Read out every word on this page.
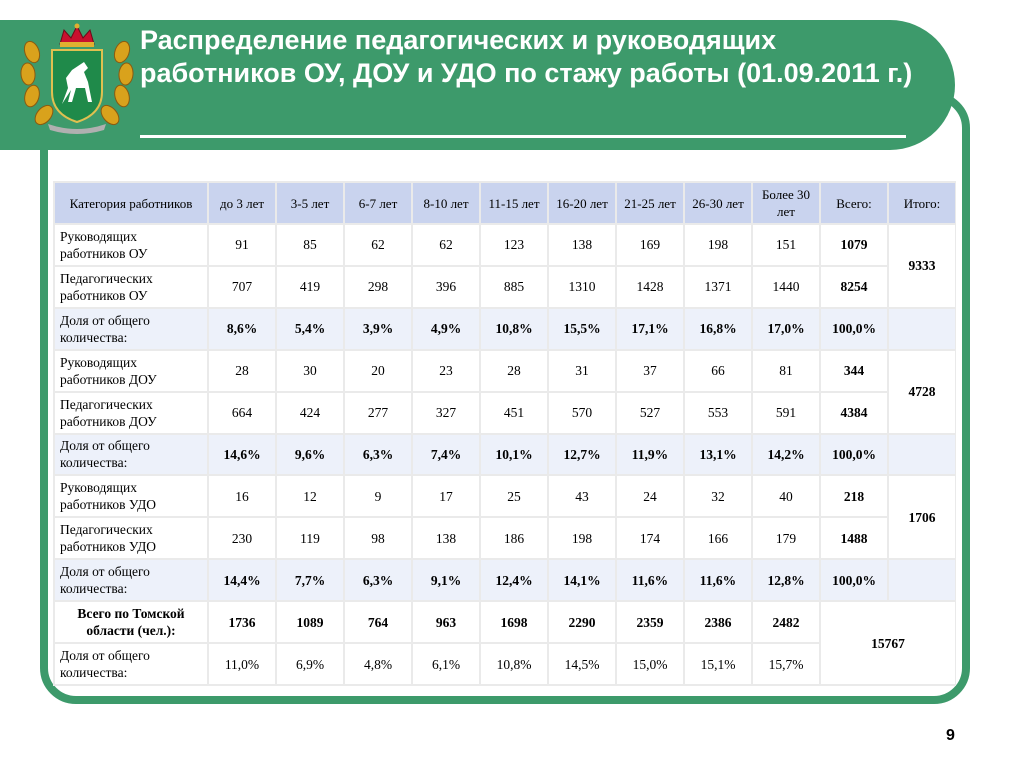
Распределение педагогических и руководящих работников ОУ, ДОУ и УДО по стажу работы (01.09.2011 г.)
Категория работников	до 3 лет	3-5 лет	6-7 лет	8-10 лет	11-15 лет	16-20 лет	21-25 лет	26-30 лет	Более 30 лет	Всего:	Итого:
Руководящих работников ОУ	91	85	62	62	123	138	169	198	151	1079	9333
Педагогических работников ОУ	707	419	298	396	885	1310	1428	1371	1440	8254	
Доля от общего количества:	8,6%	5,4%	3,9%	4,9%	10,8%	15,5%	17,1%	16,8%	17,0%	100,0%	
Руководящих работников ДОУ	28	30	20	23	28	31	37	66	81	344	4728
Педагогических работников ДОУ	664	424	277	327	451	570	527	553	591	4384	
Доля от общего количества:	14,6%	9,6%	6,3%	7,4%	10,1%	12,7%	11,9%	13,1%	14,2%	100,0%	
Руководящих работников УДО	16	12	9	17	25	43	24	32	40	218	1706
Педагогических работников УДО	230	119	98	138	186	198	174	166	179	1488	
Доля от общего количества:	14,4%	7,7%	6,3%	9,1%	12,4%	14,1%	11,6%	11,6%	12,8%	100,0%	
Всего по Томской области (чел.):	1736	1089	764	963	1698	2290	2359	2386	2482	15767	
Доля от общего количества:	11,0%	6,9%	4,8%	6,1%	10,8%	14,5%	15,0%	15,1%	15,7%		
9
